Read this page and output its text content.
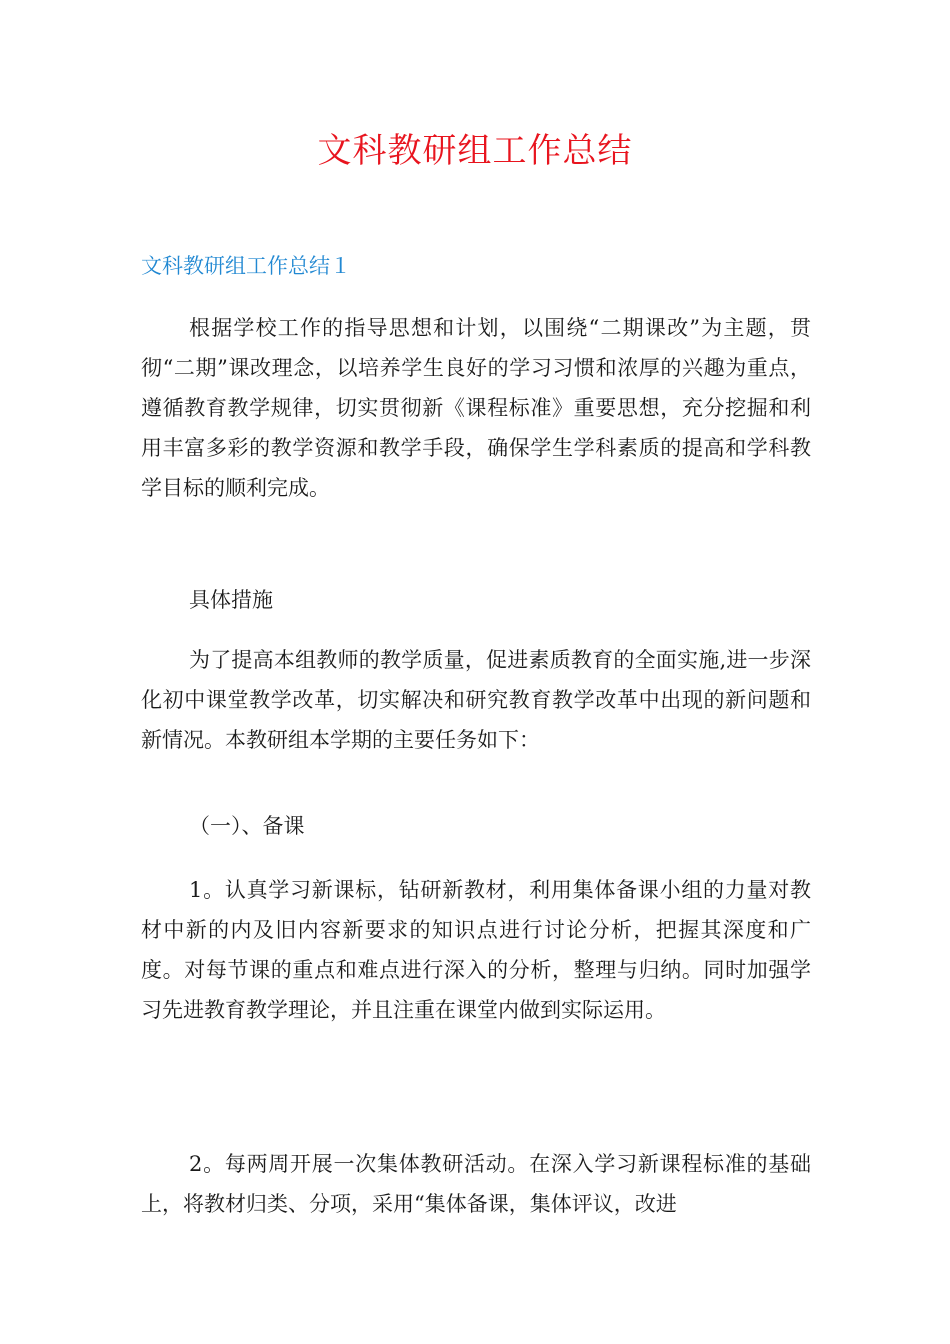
文科教研组工作总结
文科教研组工作总结１

根据学校工作的指导思想和计划，以围绕“二期课改”为主题，贯彻“二期”课改理念，以培养学生良好的学习习惯和浓厚的兴趣为重点，遵循教育教学规律，切实贯彻新《课程标准》重要思想，充分挖掘和利用丰富多彩的教学资源和教学手段，确保学生学科素质的提高和学科教学目标的顺利完成。

具体措施

为了提高本组教师的教学质量，促进素质教育的全面实施,进一步深化初中课堂教学改革，切实解决和研究教育教学改革中出现的新问题和新情况。本教研组本学期的主要任务如下：

（一）、备课

1。认真学习新课标，钻研新教材，利用集体备课小组的力量对教材中新的内及旧内容新要求的知识点进行讨论分析，把握其深度和广度。对每节课的重点和难点进行深入的分析，整理与归纳。同时加强学习先进教育教学理论，并且注重在课堂内做到实际运用。

2。每两周开展一次集体教研活动。在深入学习新课程标准的基础上，将教材归类、分项，采用“集体备课，集体评议，改进
